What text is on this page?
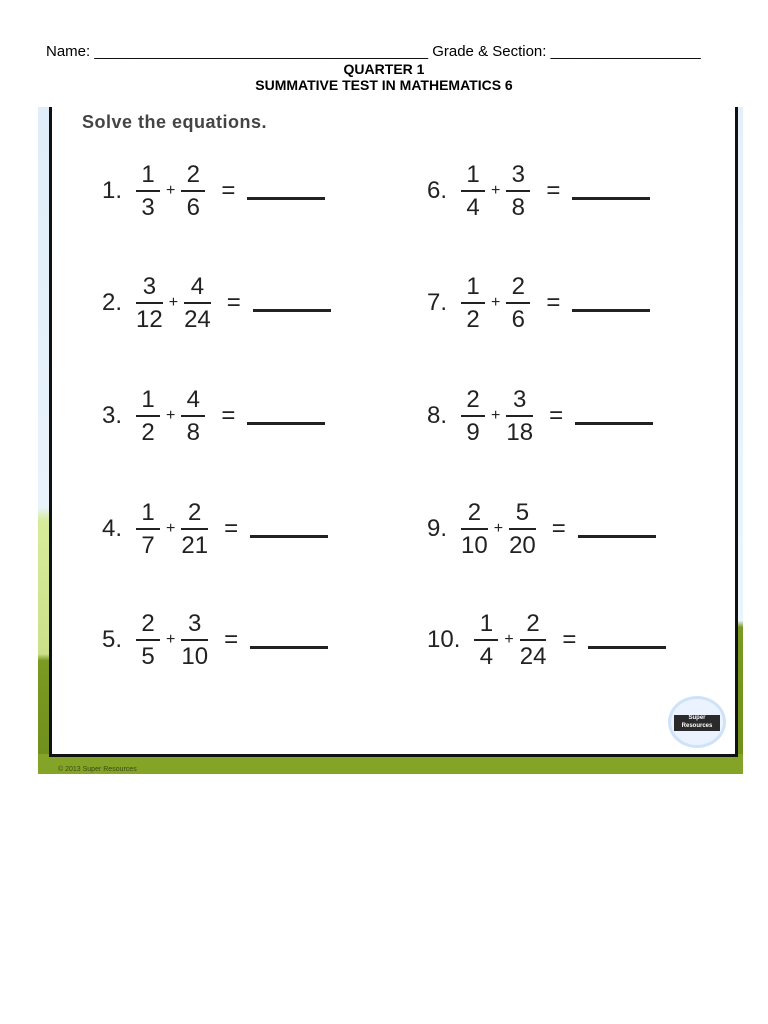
Name: ________________________________________ Grade & Section: __________________
QUARTER 1
SUMMATIVE TEST IN MATHEMATICS 6
© 2013 Super Resources
Solve the equations.
1. $\frac{1}{3} + \frac{2}{6}$ =
2. $\frac{3}{12} + \frac{4}{24}$ =
3. $\frac{1}{2} + \frac{4}{8}$ =
4. $\frac{1}{7} + \frac{2}{21}$ =
5. $\frac{2}{5} + \frac{3}{10}$ =
6. $\frac{1}{4} + \frac{3}{8}$ =
7. $\frac{1}{2} + \frac{2}{6}$ =
8. $\frac{2}{9} + \frac{3}{18}$ =
9. $\frac{2}{10} + \frac{5}{20}$ =
10. $\frac{1}{4} + \frac{2}{24}$ =
Super Resources
